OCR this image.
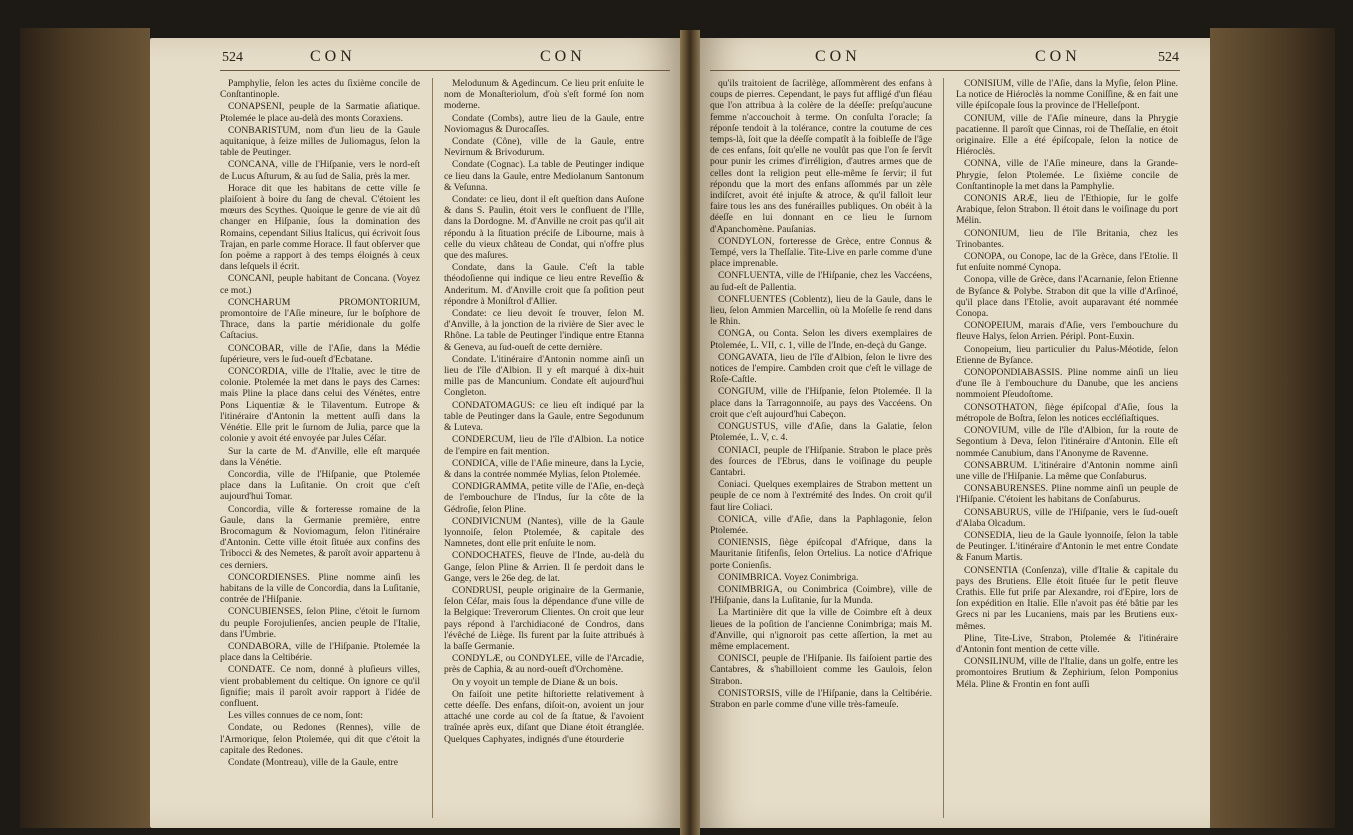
524	CON	CON

Pamphylie, ſelon les actes du ſixième concile de Conſtantinople.

CONAPSENI, peuple de la Sarmatie aſiatique. Ptolemée le place au-delà des monts Coraxiens.

CONBARISTUM, nom d'un lieu de la Gaule aquitanique, à ſeize milles de Juliomagus, ſelon la table de Peutinger.

CONCANA, ville de l'Hiſpanie, vers le nord-eſt de Lucus Aſturum, & au ſud de Salia, près la mer.

Horace dit que les habitans de cette ville ſe plaiſoient à boire du ſang de cheval. C'étoient les mœurs des Scythes. Quoique le genre de vie ait dû changer en Hiſpanie, ſous la domination des Romains, cependant Silius Italicus, qui écrivoit ſous Trajan, en parle comme Horace. Il faut obſerver que ſon poëme a rapport à des temps éloignés à ceux dans leſquels il écrit.

CONCANI, peuple habitant de Concana. (Voyez ce mot.)

CONCHARUM PROMONTORIUM, promontoire de l'Aſie mineure, ſur le boſphore de Thrace, dans la partie méridionale du golfe Caſtacius.

CONCOBAR, ville de l'Aſie, dans la Médie ſupérieure, vers le ſud-oueſt d'Ecbatane.

CONCORDIA, ville de l'Italie, avec le titre de colonie. Ptolemée la met dans le pays des Carnes: mais Pline la place dans celui des Vénètes, entre Pons Liquentiæ & le Tilaventum. Eutrope & l'itinéraire d'Antonin la mettent auſſi dans la Vénétie. Elle prit le ſurnom de Julia, parce que la colonie y avoit été envoyée par Jules Céſar.

Sur la carte de M. d'Anville, elle eſt marquée dans la Vénétie.

Concordia, ville de l'Hiſpanie, que Ptolemée place dans la Luſitanie. On croit que c'eſt aujourd'hui Tomar.

Concordia, ville & forteresse romaine de la Gaule, dans la Germanie première, entre Brocomagum & Noviomagum, ſelon l'itinéraire d'Antonin. Cette ville étoit ſituée aux confins des Tribocci & des Nemetes, & paroît avoir appartenu à ces derniers.

CONCORDIENSES. Pline nomme ainſi les habitans de la ville de Concordia, dans la Luſitanie, contrée de l'Hiſpanie.

CONCUBIENSES, ſelon Pline, c'étoit le ſurnom du peuple Forojulienſes, ancien peuple de l'Italie, dans l'Umbrie.

CONDABORA, ville de l'Hiſpanie. Ptolemée la place dans la Celtibérie.

CONDATE. Ce nom, donné à pluſieurs villes, vient probablement du celtique. On ignore ce qu'il ſignifie; mais il paroît avoir rapport à l'idée de confluent.

Les villes connues de ce nom, ſont:

Condate, ou Redones (Rennes), ville de l'Armorique, ſelon Ptolemée, qui dit que c'étoit la capitale des Redones.

Condate (Montreau), ville de la Gaule, entre

Melodunum & Agedincum. Ce lieu prit enſuite le nom de Monaſteriolum, d'où s'eſt formé ſon nom moderne.

Condate (Combs), autre lieu de la Gaule, entre Noviomagus & Durocaſſes.

Condate (Cône), ville de la Gaule, entre Nevirnum & Brivodurum.

Condate (Cognac). La table de Peutinger indique ce lieu dans la Gaule, entre Mediolanum Santonum & Veſunna.

Condate: ce lieu, dont il eſt queſtion dans Auſone & dans S. Paulin, étoit vers le confluent de l'Ille, dans la Dordogne. M. d'Anville ne croit pas qu'il ait répondu à la ſituation préciſe de Libourne, mais à celle du vieux château de Condat, qui n'offre plus que des maſures.

Condate, dans la Gaule. C'eſt la table théodoſienne qui indique ce lieu entre Reveſſio & Anderitum. M. d'Anville croit que ſa poſition peut répondre à Moniſtrol d'Allier.

Condate: ce lieu devoit ſe trouver, ſelon M. d'Anville, à la jonction de la rivière de Sier avec le Rhône. La table de Peutinger l'indique entre Etanna & Geneva, au ſud-oueſt de cette dernière.

Condate. L'itinéraire d'Antonin nomme ainſi un lieu de l'île d'Albion. Il y eſt marqué à dix-huit mille pas de Mancunium. Condate eſt aujourd'hui Congleton.

CONDATOMAGUS: ce lieu eſt indiqué par la table de Peutinger dans la Gaule, entre Segodunum & Luteva.

CONDERCUM, lieu de l'île d'Albion. La notice de l'empire en fait mention.

CONDICA, ville de l'Aſie mineure, dans la Lycie, & dans la contrée nommée Mylias, ſelon Ptolemée.

CONDIGRAMMA, petite ville de l'Aſie, en-deçà de l'embouchure de l'Indus, ſur la côte de la Gédroſie, ſelon Pline.

CONDIVICNUM (Nantes), ville de la Gaule lyonnoiſe, ſelon Ptolemée, & capitale des Namnetes, dont elle prit enſuite le nom.

CONDOCHATES, fleuve de l'Inde, au-delà du Gange, ſelon Pline & Arrien. Il ſe perdoit dans le Gange, vers le 26e deg. de lat.

CONDRUSI, peuple originaire de la Germanie, ſelon Céſar, mais ſous la dépendance d'une ville de la Belgique: Treverorum Clientes. On croit que leur pays répond à l'archidiaconé de Condros, dans l'évêché de Liège. Ils furent par la ſuite attribués à la baſſe Germanie.

CONDYLÆ, ou CONDYLEE, ville de l'Arcadie, près de Caphia, & au nord-oueſt d'Orchomène.

On y voyoit un temple de Diane & un bois.

On faiſoit une petite hiſtoriette relativement à cette déeſſe. Des enfans, diſoit-on, avoient un jour attaché une corde au col de ſa ſtatue, & l'avoient traînée après eux, diſant que Diane étoit étranglée. Quelques Caphyates, indignés d'une étourderie

CON	CON	524

qu'ils traitoient de ſacrilège, aſſommèrent des enfans à coups de pierres. Cependant, le pays fut affligé d'un fléau que l'on attribua à la colère de la déeſſe: preſqu'aucune femme n'accouchoit à terme. On conſulta l'oracle; ſa réponſe tendoit à la tolérance, contre la coutume de ces temps-là, ſoit que la déeſſe compatît à la foibleſſe de l'âge de ces enfans, ſoit qu'elle ne voulût pas que l'on ſe ſervît pour punir les crimes d'irréligion, d'autres armes que de celles dont la religion peut elle-même ſe ſervir; il fut répondu que la mort des enfans aſſommés par un zèle indiſcret, avoit été injuſte & atroce, & qu'il falloit leur faire tous les ans des funérailles publiques. On obéit à la déeſſe en lui donnant en ce lieu le ſurnom d'Apanchomène. Pauſanias.

CONDYLON, forteresse de Grèce, entre Connus & Tempé, vers la Theſſalie. Tite-Live en parle comme d'une place imprenable.

CONFLUENTA, ville de l'Hiſpanie, chez les Vaccéens, au ſud-eſt de Pallentia.

CONFLUENTES (Coblentz), lieu de la Gaule, dans le lieu, ſelon Ammien Marcellin, où la Moſelle ſe rend dans le Rhin.

CONGA, ou Conta. Selon les divers exemplaires de Ptolemée, L. VII, c. 1, ville de l'Inde, en-deçà du Gange.

CONGAVATA, lieu de l'île d'Albion, ſelon le livre des notices de l'empire. Cambden croit que c'eſt le village de Roſe-Caſtle.

CONGIUM, ville de l'Hiſpanie, ſelon Ptolemée. Il la place dans la Tarragonnoiſe, au pays des Vaccéens. On croit que c'eſt aujourd'hui Cabeçon.

CONGUSTUS, ville d'Aſie, dans la Galatie, ſelon Ptolemée, L. V, c. 4.

CONIACI, peuple de l'Hiſpanie. Strabon le place près des ſources de l'Ebrus, dans le voiſinage du peuple Cantabri.

Coniaci. Quelques exemplaires de Strabon mettent un peuple de ce nom à l'extrémité des Indes. On croit qu'il faut lire Coliaci.

CONICA, ville d'Aſie, dans la Paphlagonie, ſelon Ptolemée.

CONIENSIS, ſiège épiſcopal d'Afrique, dans la Mauritanie ſitifenſis, ſelon Ortelius. La notice d'Afrique porte Conienſis.

CONIMBRICA. Voyez Conimbriga.

CONIMBRIGA, ou Conimbrica (Coimbre), ville de l'Hiſpanie, dans la Luſitanie, ſur la Munda.

La Martinière dit que la ville de Coimbre eſt à deux lieues de la poſition de l'ancienne Conimbriga; mais M. d'Anville, qui n'ignoroit pas cette aſſertion, la met au même emplacement.

CONISCI, peuple de l'Hiſpanie. Ils faiſoient partie des Cantabres, & s'habilloient comme les Gaulois, ſelon Strabon.

CONISTORSIS, ville de l'Hiſpanie, dans la Celtibérie. Strabon en parle comme d'une ville très-fameuſe.

CONISIUM, ville de l'Aſie, dans la Myſie, ſelon Pline. La notice de Hiéroclès la nomme Coniſſine, & en fait une ville épiſcopale ſous la province de l'Helleſpont.

CONIUM, ville de l'Aſie mineure, dans la Phrygie pacatienne. Il paroît que Cinnas, roi de Theſſalie, en étoit originaire. Elle a été épiſcopale, ſelon la notice de Hiéroclès.

CONNA, ville de l'Aſie mineure, dans la Grande-Phrygie, ſelon Ptolemée. Le ſixième concile de Conſtantinople la met dans la Pamphylie.

CONONIS ARÆ, lieu de l'Ethiopie, ſur le golfe Arabique, ſelon Strabon. Il étoit dans le voiſinage du port Mélin.

CONONIUM, lieu de l'île Britania, chez les Trinobantes.

CONOPA, ou Conope, lac de la Grèce, dans l'Etolie. Il fut enſuite nommé Cynopa.

Conopa, ville de Grèce, dans l'Acarnanie, ſelon Etienne de Byſance & Polybe. Strabon dit que la ville d'Arſinoé, qu'il place dans l'Etolie, avoit auparavant été nommée Conopa.

CONOPEIUM, marais d'Aſie, vers l'embouchure du fleuve Halys, ſelon Arrien. Péripl. Pont-Euxin.

Conopeium, lieu particulier du Palus-Méotide, ſelon Etienne de Byſance.

CONOPONDIABASSIS. Pline nomme ainſi un lieu d'une île à l'embouchure du Danube, que les anciens nommoient Pſeudoſtome.

CONSOTHATON, ſiège épiſcopal d'Aſie, ſous la métropole de Boſtra, ſelon les notices eccléſiaſtiques.

CONOVIUM, ville de l'île d'Albion, ſur la route de Segontium à Deva, ſelon l'itinéraire d'Antonin. Elle eſt nommée Canubium, dans l'Anonyme de Ravenne.

CONSABRUM. L'itinéraire d'Antonin nomme ainſi une ville de l'Hiſpanie. La même que Conſaburus.

CONSABURENSES. Pline nomme ainſi un peuple de l'Hiſpanie. C'étoient les habitans de Conſaburus.

CONSABURUS, ville de l'Hiſpanie, vers le ſud-oueſt d'Alaba Olcadum.

CONSEDIA, lieu de la Gaule lyonnoiſe, ſelon la table de Peutinger. L'itinéraire d'Antonin le met entre Condate & Fanum Martis.

CONSENTIA (Conſenza), ville d'Italie & capitale du pays des Brutiens. Elle étoit ſituée ſur le petit fleuve Crathis. Elle fut priſe par Alexandre, roi d'Epire, lors de ſon expédition en Italie. Elle n'avoit pas été bâtie par les Grecs ni par les Lucaniens, mais par les Brutiens eux-mêmes.

Pline, Tite-Live, Strabon, Ptolemée & l'itinéraire d'Antonin font mention de cette ville.

CONSILINUM, ville de l'Italie, dans un golfe, entre les promontoires Brutium & Zephirium, ſelon Pomponius Méla. Pline & Frontin en font auſſi
